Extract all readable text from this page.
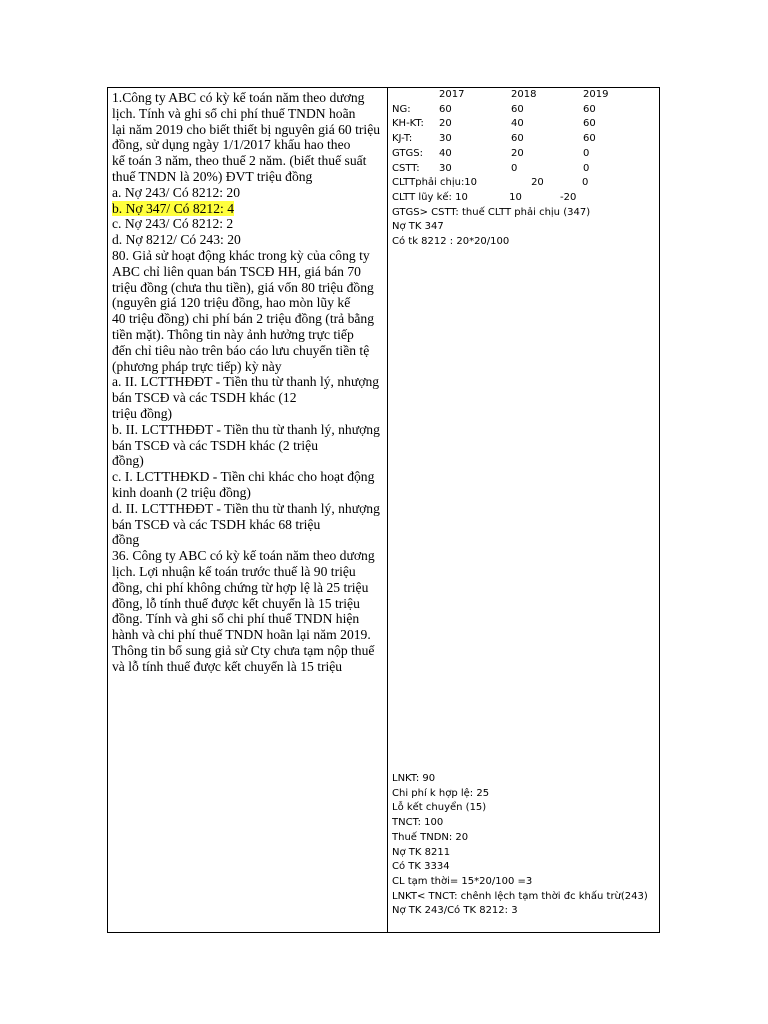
1.Công ty ABC có kỳ kế toán năm theo dương lịch. Tính và ghi sổ chi phí thuế TNDN hoãn

lại năm 2019 cho biết thiết bị nguyên giá 60 triệu đồng, sử dụng ngày 1/1/2017 khấu hao theo

kế toán 3 năm, theo thuế 2 năm. (biết thuế suất thuế TNDN là 20%) ĐVT triệu đồng

a. Nợ 243/ Có 8212: 20

b. Nợ 347/ Có 8212: 4

c. Nợ 243/ Có 8212: 2

d. Nợ 8212/ Có 243: 20

80. Giả sử hoạt động khác trong kỳ của công ty ABC chỉ liên quan bán TSCĐ HH, giá bán 70

triệu đồng (chưa thu tiền), giá vốn 80 triệu đồng (nguyên giá 120 triệu đồng, hao mòn lũy kế

40 triệu đồng) chi phí bán 2 triệu đồng (trả bằng tiền mặt). Thông tin này ảnh hưởng trực tiếp

đến chỉ tiêu nào trên báo cáo lưu chuyển tiền tệ (phương pháp trực tiếp) kỳ này

a. II. LCTTHĐĐT - Tiền thu từ thanh lý, nhượng bán TSCĐ và các TSDH khác (12

triệu đồng)

b. II. LCTTHĐĐT - Tiền thu từ thanh lý, nhượng bán TSCĐ và các TSDH khác (2 triệu

đồng)

c. I. LCTTHĐKD - Tiền chi khác cho hoạt động kinh doanh (2 triệu đồng)

d. II. LCTTHĐĐT - Tiền thu từ thanh lý, nhượng bán TSCĐ và các TSDH khác 68 triệu

đồng

36. Công ty ABC có kỳ kế toán năm theo dương lịch. Lợi nhuận kế toán trước thuế là 90 triệu

đồng, chi phí không chứng từ hợp lệ là 25 triệu đồng, lỗ tính thuế được kết chuyển là 15 triệu

đồng. Tính và ghi sổ chi phí thuế TNDN hiện hành và chi phí thuế TNDN hoãn lại năm 2019.

Thông tin bổ sung giả sử Cty chưa tạm nộp thuế và lỗ tính thuế được kết chuyển là 15 triệu

2017	2018	2019
NG:	60	60	60
KH-KT:	20	40	60
KJ-T:	30	60	60
GTGS:	40	20	0
CSTT:	30	0	0
CLTTphải chịu:10                 20            0
CLTT lũy kế: 10             10            -20
GTGS> CSTT: thuế CLTT phải chịu (347)
Nợ TK 347
Có tk 8212 : 20*20/100
LNKT: 90
Chi phí k hợp lệ: 25
Lỗ kết chuyển (15)
TNCT: 100
Thuế TNDN: 20
Nợ TK 8211
Có TK 3334
CL tạm thời= 15*20/100 =3
LNKT< TNCT: chênh lệch tạm thời đc khấu trừ(243)
Nợ TK 243/Có TK 8212: 3
